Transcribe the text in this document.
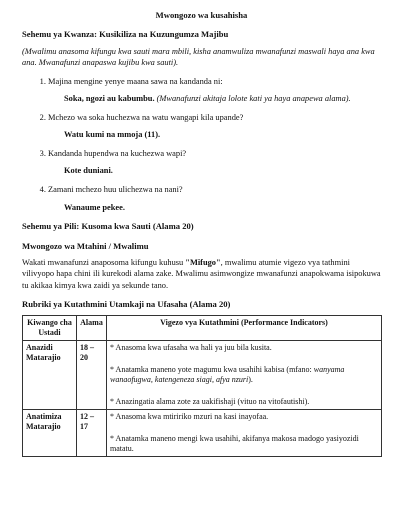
Mwongozo wa kusahisha
Sehemu ya Kwanza: Kusikiliza na Kuzungumza Majibu
(Mwalimu anasoma kifungu kwa sauti mara mbili, kisha anamwuliza mwanafunzi maswali haya ana kwa ana. Mwanafunzi anapaswa kujibu kwa sauti).
1. Majina mengine yenye maana sawa na kandanda ni:
Soka, ngozi au kabumbu. (Mwanafunzi akitaja lolote kati ya haya anapewa alama).
2. Mchezo wa soka huchezwa na watu wangapi kila upande?
Watu kumi na mmoja (11).
3. Kandanda hupendwa na kuchezwa wapi?
Kote duniani.
4. Zamani mchezo huu ulichezwa na nani?
Wanaume pekee.
Sehemu ya Pili: Kusoma kwa Sauti (Alama 20)
Mwongozo wa Mtahini / Mwalimu

Wakati mwanafunzi anaposoma kifungu kuhusu "Mifugo", mwalimu atumie vigezo vya tathmini vilivyopo hapa chini ili kurekodi alama zake. Mwalimu asimwongize mwanafunzi anapokwama isipokuwa tu akikaa kimya kwa zaidi ya sekunde tano.

Rubriki ya Kutathmini Utamkaji na Ufasaha (Alama 20)
Kiwango cha Ustadi	Alama	Vigezo vya Kutathmini (Performance Indicators)
Anazidi Matarajio	18 – 20	* Anasoma kwa ufasaha wa hali ya juu bila kusita.
* Anatamka maneno yote magumu kwa usahihi kabisa (mfano: wanyama wanaofugwa, katengeneza siagi, afya nzuri).
* Anazingatia alama zote za uakifishaji (vituo na vitofautishi).

Anatimiza Matarajio	12 – 17	* Anasoma kwa mtiririko mzuri na kasi inayofaa.
* Anatamka maneno mengi kwa usahihi, akifanya makosa madogo yasiyozidi matatu.
